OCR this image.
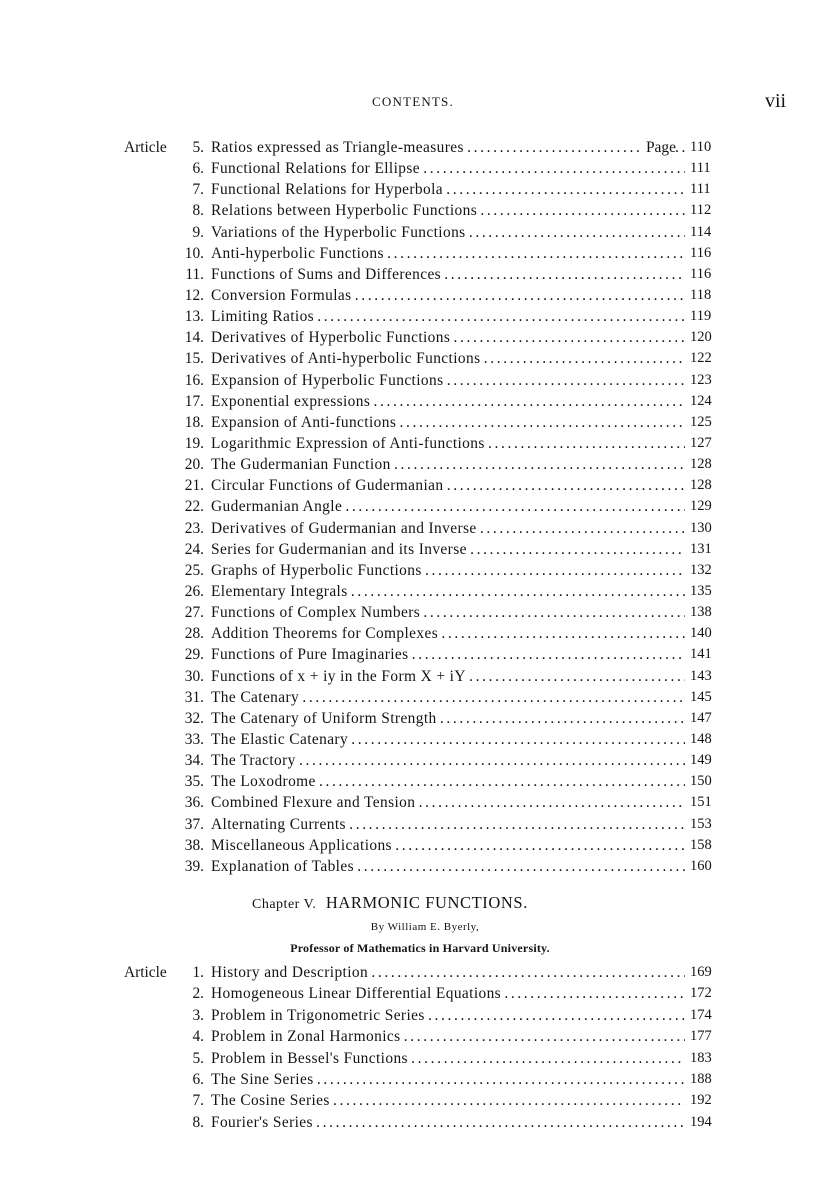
CONTENTS.	vii
Article 5. Ratios expressed as Triangle-measures . . .	Page 110
6. Functional Relations for Ellipse . . .	111
7. Functional Relations for Hyperbola . . .	111
8. Relations between Hyperbolic Functions . . .	112
9. Variations of the Hyperbolic Functions . . .	114
10. Anti-hyperbolic Functions . . .	116
11. Functions of Sums and Differences . . .	116
12. Conversion Formulas . . .	118
13. Limiting Ratios . . .	119
14. Derivatives of Hyperbolic Functions . . .	120
15. Derivatives of Anti-hyperbolic Functions . . .	122
16. Expansion of Hyperbolic Functions . . .	123
17. Exponential expressions . . .	124
18. Expansion of Anti-functions . . .	125
19. Logarithmic Expression of Anti-functions . . .	127
20. The Gudermanian Function . . .	128
21. Circular Functions of Gudermanian . . .	128
22. Gudermanian Angle . . .	129
23. Derivatives of Gudermanian and Inverse . . .	130
24. Series for Gudermanian and its Inverse . . .	131
25. Graphs of Hyperbolic Functions . . .	132
26. Elementary Integrals . . .	135
27. Functions of Complex Numbers . . .	138
28. Addition Theorems for Complexes . . .	140
29. Functions of Pure Imaginaries . . .	141
30. Functions of x + iy in the Form X + iY . . .	143
31. The Catenary . . .	145
32. The Catenary of Uniform Strength . . .	147
33. The Elastic Catenary . . .	148
34. The Tractory . . .	149
35. The Loxodrome . . .	150
36. Combined Flexure and Tension . . .	151
37. Alternating Currents . . .	153
38. Miscellaneous Applications . . .	158
39. Explanation of Tables . . .	160
Chapter V. HARMONIC FUNCTIONS.
By William E. Byerly,
Professor of Mathematics in Harvard University.
Article 1. History and Description . . .	169
2. Homogeneous Linear Differential Equations . . .	172
3. Problem in Trigonometric Series . . .	174
4. Problem in Zonal Harmonics . . .	177
5. Problem in Bessel's Functions . . .	183
6. The Sine Series . . .	188
7. The Cosine Series . . .	192
8. Fourier's Series . . .	194
